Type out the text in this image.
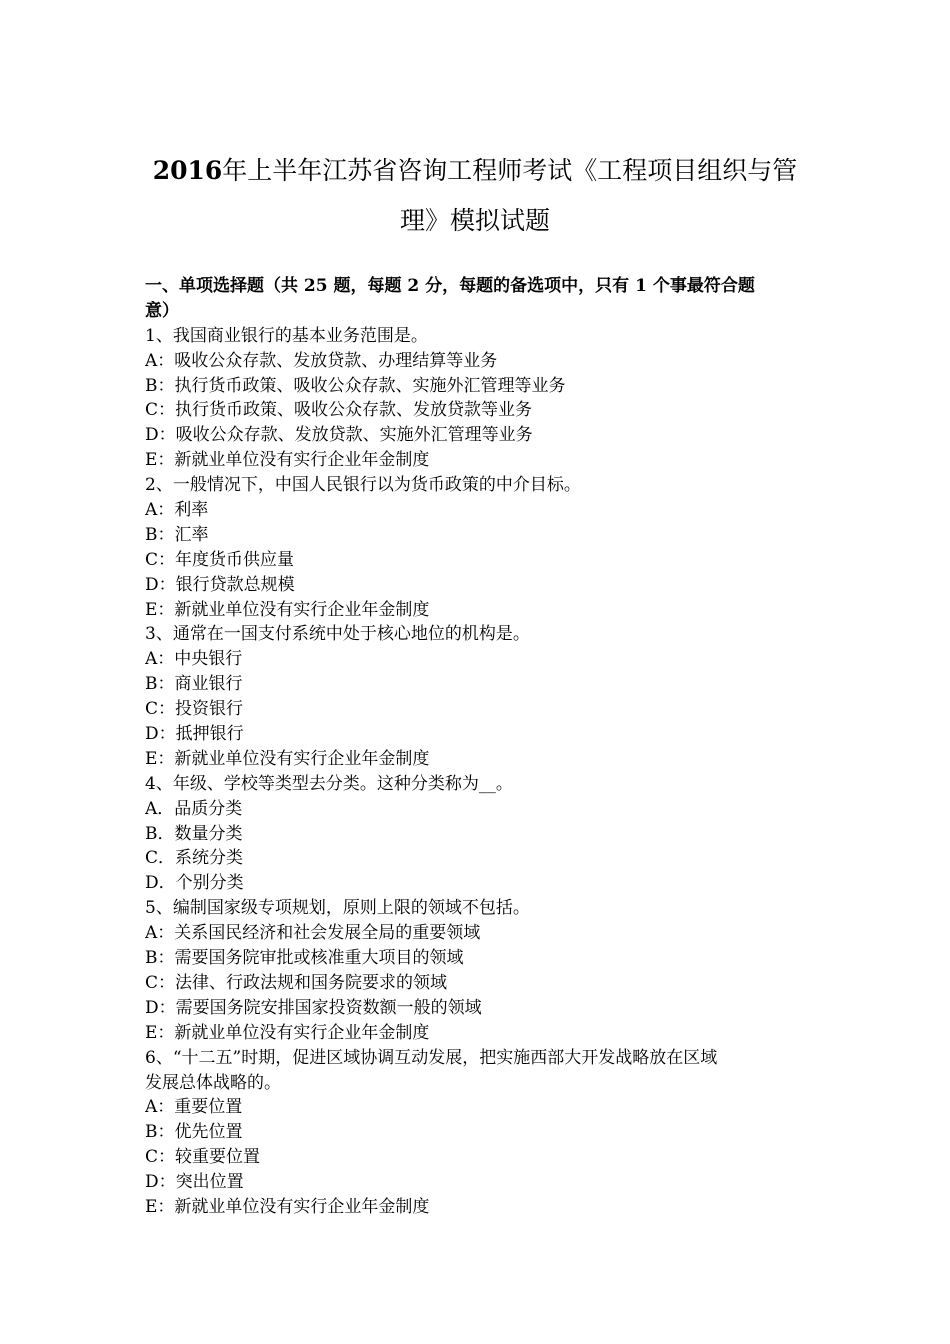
2016年上半年江苏省咨询工程师考试《工程项目组织与管
理》模拟试题
一、单项选择题（共 25 题，每题 2 分，每题的备选项中，只有 1 个事最符合题
意）
1、我国商业银行的基本业务范围是。
A：吸收公众存款、发放贷款、办理结算等业务
B：执行货币政策、吸收公众存款、实施外汇管理等业务
C：执行货币政策、吸收公众存款、发放贷款等业务
D：吸收公众存款、发放贷款、实施外汇管理等业务
E：新就业单位没有实行企业年金制度
2、一般情况下，中国人民银行以为货币政策的中介目标。
A：利率
B：汇率
C：年度货币供应量
D：银行贷款总规模
E：新就业单位没有实行企业年金制度
3、通常在一国支付系统中处于核心地位的机构是。
A：中央银行
B：商业银行
C：投资银行
D：抵押银行
E：新就业单位没有实行企业年金制度
4、年级、学校等类型去分类。这种分类称为__。
A．品质分类
B．数量分类
C．系统分类
D．个别分类
5、编制国家级专项规划，原则上限的领域不包括。
A：关系国民经济和社会发展全局的重要领域
B：需要国务院审批或核准重大项目的领域
C：法律、行政法规和国务院要求的领域
D：需要国务院安排国家投资数额一般的领域
E：新就业单位没有实行企业年金制度
6、“十二五”时期，促进区域协调互动发展，把实施西部大开发战略放在区域
发展总体战略的。
A：重要位置
B：优先位置
C：较重要位置
D：突出位置
E：新就业单位没有实行企业年金制度
